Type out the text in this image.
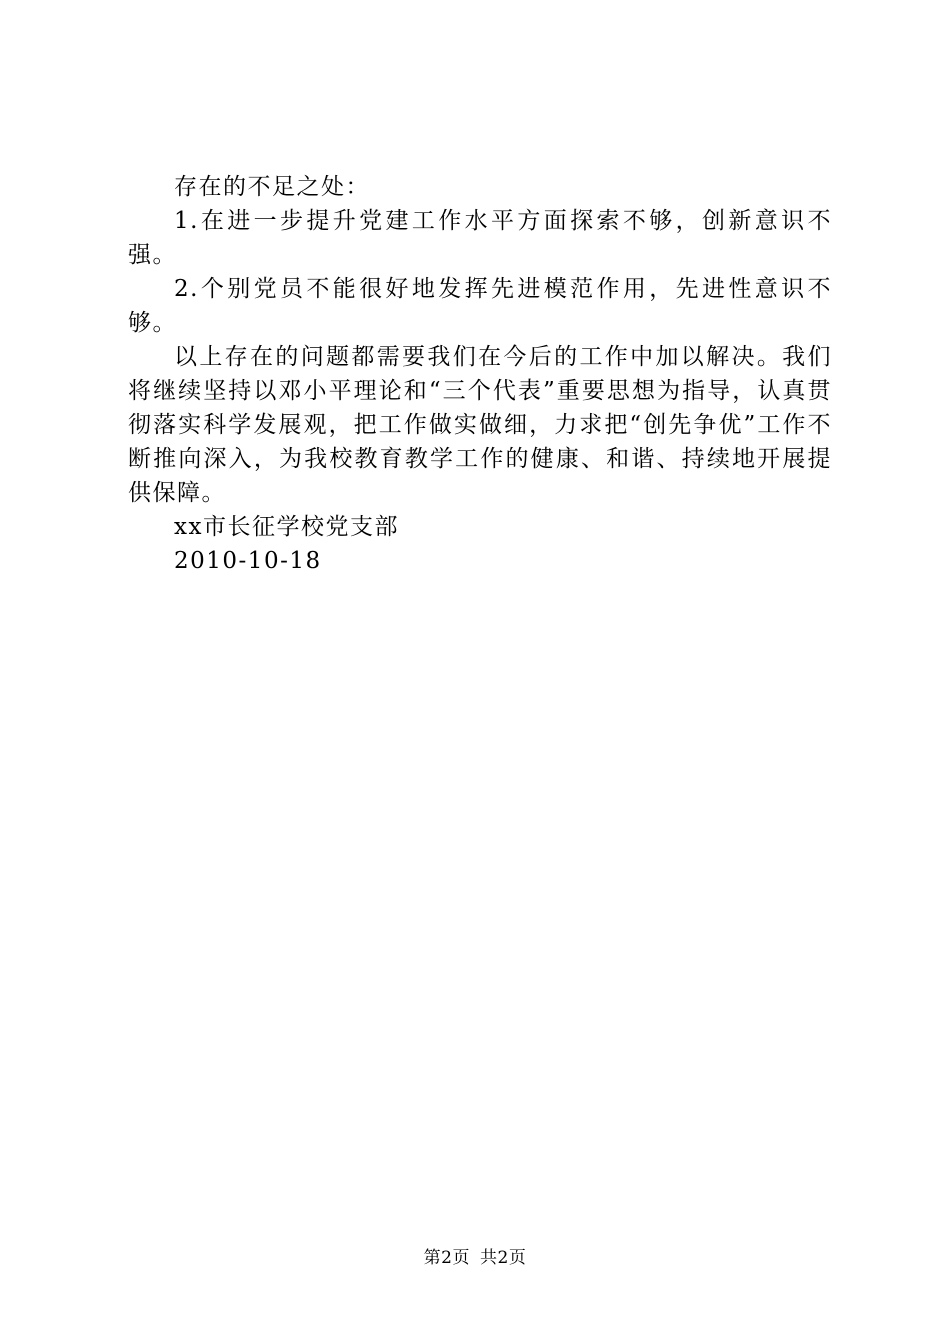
存在的不足之处：

1.在进一步提升党建工作水平方面探索不够，创新意识不强。

2.个别党员不能很好地发挥先进模范作用，先进性意识不够。

以上存在的问题都需要我们在今后的工作中加以解决。我们将继续坚持以邓小平理论和“三个代表”重要思想为指导，认真贯彻落实科学发展观，把工作做实做细，力求把“创先争优”工作不断推向深入，为我校教育教学工作的健康、和谐、持续地开展提供保障。

xx市长征学校党支部

2010-10-18

第2页 共2页
